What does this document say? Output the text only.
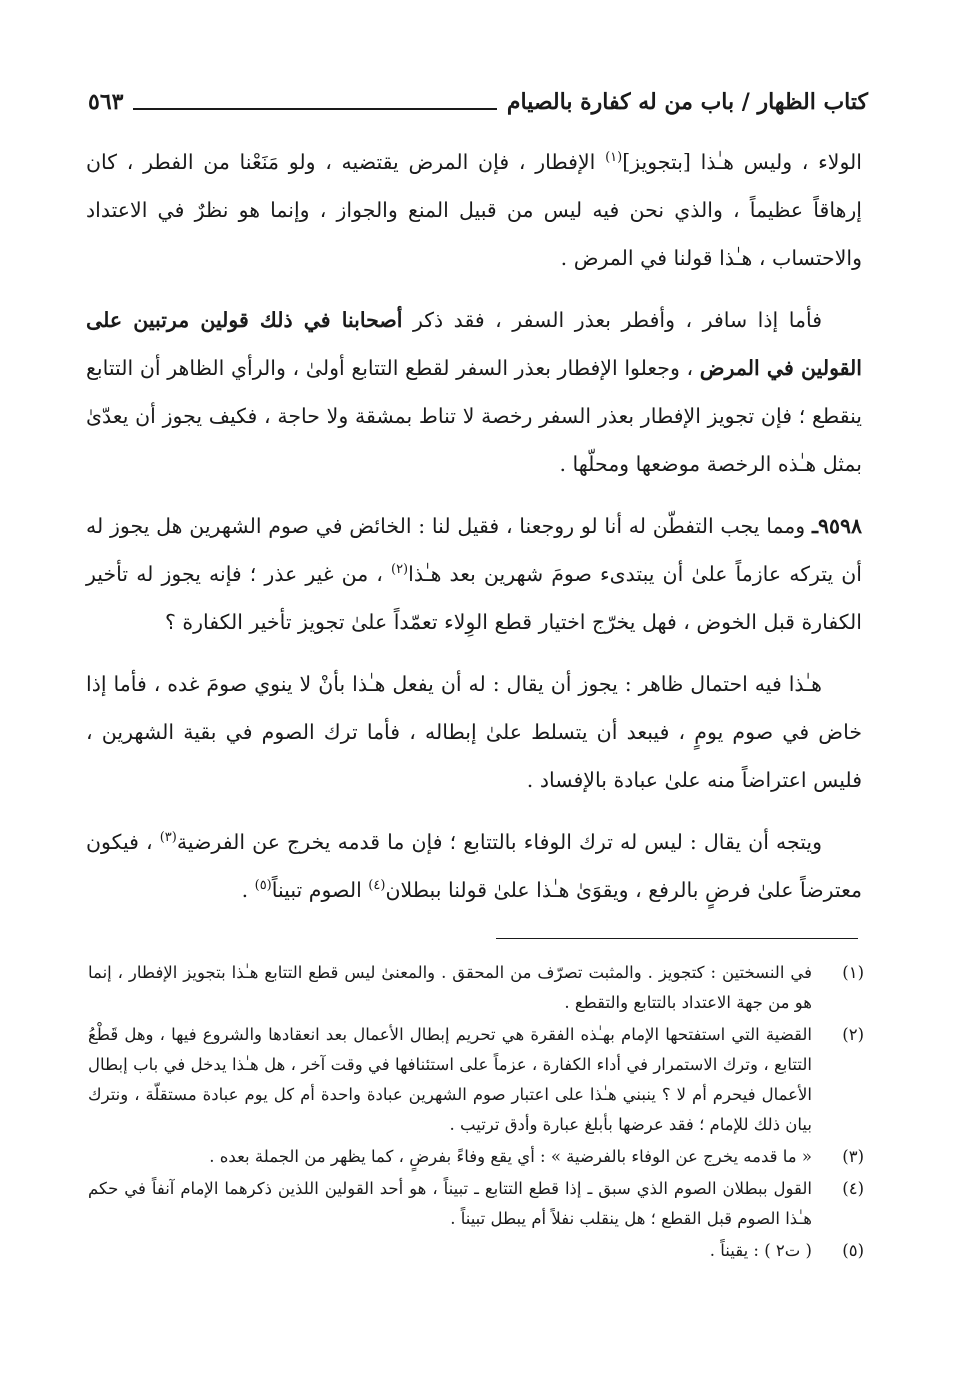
كتاب الظهار / باب من له كفارة بالصيام
٥٦٣

الولاء ، وليس هـٰذا [بتجويز]$^{(١)}$ الإفطار ، فإن المرض يقتضيه ، ولو مَنَعْنا من الفطر ، كان إرهاقاً عظيماً ، والذي نحن فيه ليس من قبيل المنع والجواز ، وإنما هو نظرٌ في الاعتداد والاحتساب ، هـٰذا قولنا في المرض .

فأما إذا سافر ، وأفطر بعذر السفر ، فقد ذكر أصحابنا في ذلك قولين مرتبين على القولين في المرض ، وجعلوا الإفطار بعذر السفر لقطع التتابع أولىٰ ، والرأي الظاهر أن التتابع ينقطع ؛ فإن تجويز الإفطار بعذر السفر رخصة لا تناط بمشقة ولا حاجة ، فكيف يجوز أن يعدّىٰ بمثل هـٰذه الرخصة موضعها ومحلّها .

٩٥٩٨ـ ومما يجب التفطّن له أنا لو روجعنا ، فقيل لنا : الخائض في صوم الشهرين هل يجوز له أن يتركه عازماً علىٰ أن يبتدىء صومَ شهرين بعد هـٰذا$^{(٢)}$ ، من غير عذر ؛ فإنه يجوز له تأخير الكفارة قبل الخوض ، فهل يخرّج اختيار قطع الوِلاء تعمّداً علىٰ تجويز تأخير الكفارة ؟

هـٰذا فيه احتمال ظاهر : يجوز أن يقال : له أن يفعل هـٰذا بأنْ لا ينوي صومَ غده ، فأما إذا خاض في صوم يومٍ ، فيبعد أن يتسلط علىٰ إبطاله ، فأما ترك الصوم في بقية الشهرين ، فليس اعتراضاً منه علىٰ عبادة بالإفساد .

ويتجه أن يقال : ليس له ترك الوفاء بالتتابع ؛ فإن ما قدمه يخرج عن الفرضية$^{(٣)}$ ، فيكون معترضاً علىٰ فرضٍ بالرفع ، ويقوَىٰ هـٰذا علىٰ قولنا ببطلان$^{(٤)}$ الصوم تبيناً$^{(٥)}$ .

(١)
في النسختين : كتجويز . والمثبت تصرّف من المحقق . والمعنىٰ ليس قطع التتابع هـٰذا بتجويز الإفطار ، إنما هو من جهة الاعتداد بالتتابع والتقطع .
(٢)
القضية التي استفتحها الإمام بهـٰذه الفقرة هي تحريم إبطال الأعمال بعد انعقادها والشروع فيها ، وهل قَطْعُ التتابع ، وترك الاستمرار في أداء الكفارة ، عزماً على استئنافها في وقت آخر ، هل هـٰذا يدخل في باب إبطال الأعمال فيحرم أم لا ؟ ينبني هـٰذا على اعتبار صوم الشهرين عبادة واحدة أم كل يوم عبادة مستقلّة ، ونترك بيان ذلك للإمام ؛ فقد عرضها بأبلغ عبارة وأدق ترتيب .
(٣)
« ما قدمه يخرج عن الوفاء بالفرضية » : أي يقع وفاءً بفرضٍ ، كما يظهر من الجملة بعده .
(٤)
القول ببطلان الصوم الذي سبق ـ إذا قطع التتابع ـ تبيناً ، هو أحد القولين اللذين ذكرهما الإمام آنفاً في حكم هـٰذا الصوم قبل القطع ؛ هل ينقلب نفلاً أم يبطل تبيناً .
(٥)
( ت٢ ) : يقيناً .
